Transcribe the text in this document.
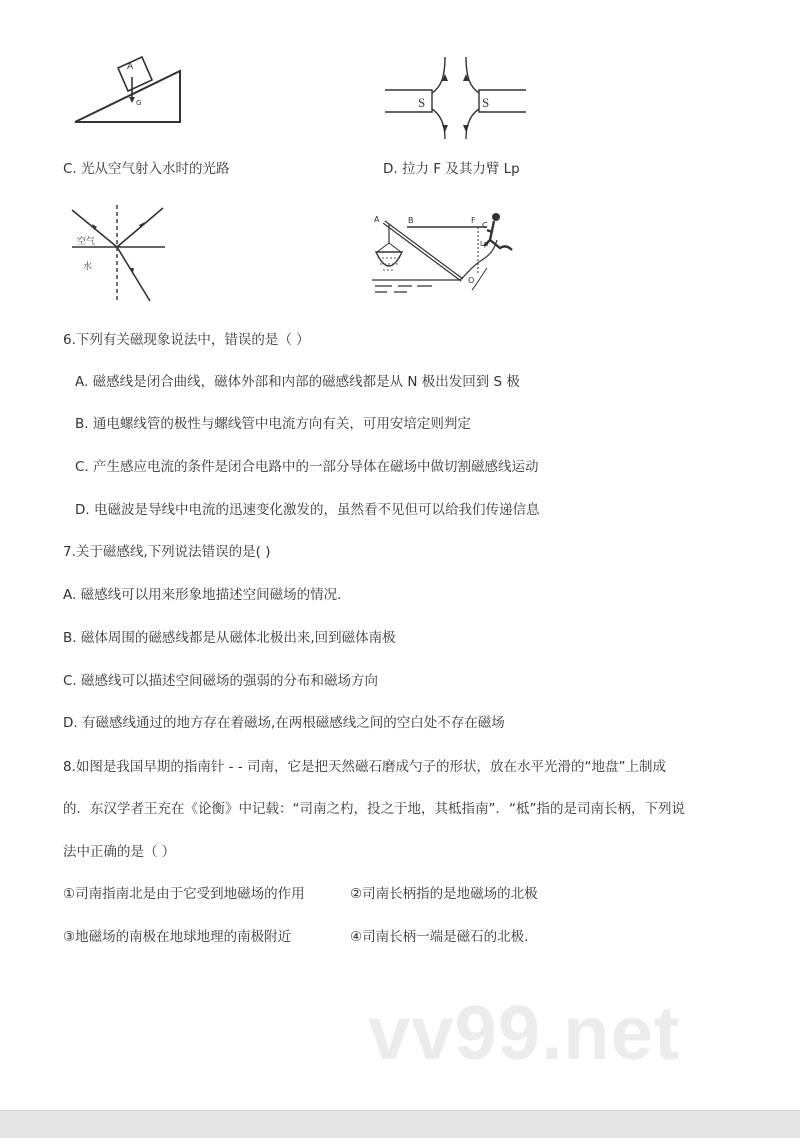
A
G	S	S
C. 光从空气射入水时的光路	D. 拉力 F 及其力臂 Lp
空气
水
A	B	F
C
Lp
O
6.下列有关磁现象说法中，错误的是（ ）
A. 磁感线是闭合曲线，磁体外部和内部的磁感线都是从 N 极出发回到 S 极
B. 通电螺线管的极性与螺线管中电流方向有关，可用安培定则判定
C. 产生感应电流的条件是闭合电路中的一部分导体在磁场中做切割磁感线运动
D. 电磁波是导线中电流的迅速变化激发的，虽然看不见但可以给我们传递信息
7.关于磁感线,下列说法错误的是( )
A. 磁感线可以用来形象地描述空间磁场的情况.
B. 磁体周围的磁感线都是从磁体北极出来,回到磁体南极
C. 磁感线可以描述空间磁场的强弱的分布和磁场方向
D. 有磁感线通过的地方存在着磁场,在两根磁感线之间的空白处不存在磁场
8.如图是我国早期的指南针 - - 司南，它是把天然磁石磨成勺子的形状，放在水平光滑的“地盘”上制成
的．东汉学者王充在《论衡》中记载：“司南之杓，投之于地，其柢指南”．“柢”指的是司南长柄，下列说
法中正确的是（ ）
①司南指南北是由于它受到地磁场的作用	②司南长柄指的是地磁场的北极
③地磁场的南极在地球地理的南极附近	④司南长柄一端是磁石的北极.
vv99.net
